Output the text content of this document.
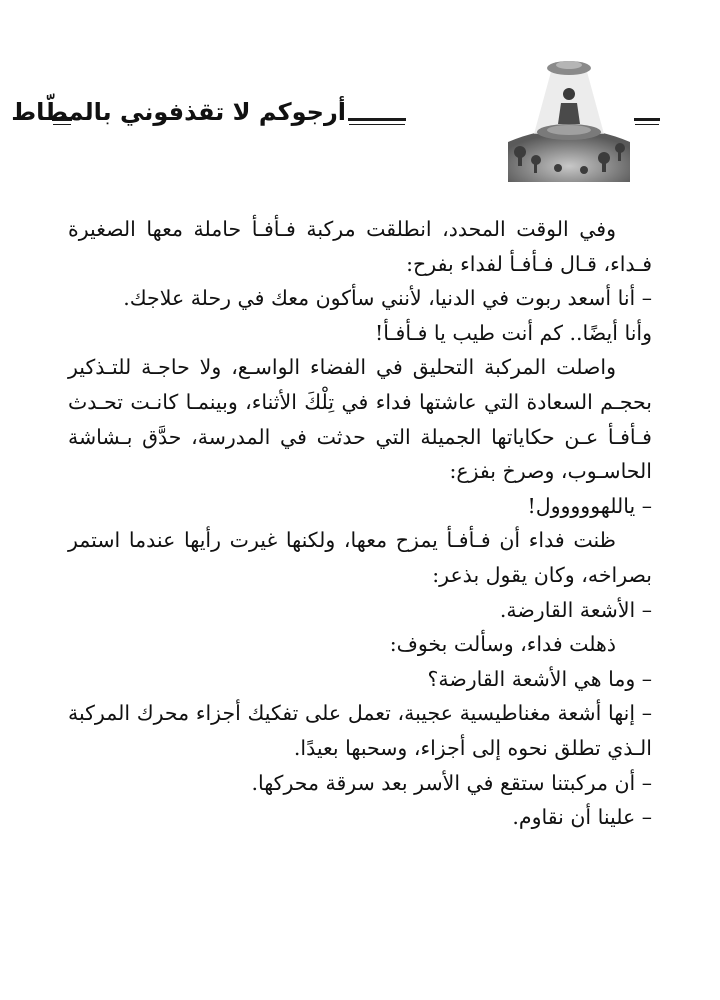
أرجوكم لا تقذفوني بالمطّاط

وفي الوقت المحدد، انطلقت مركبة فـأفـأ حاملة معها الصغيرة فـداء، قـال فـأفـأ لفداء بفرح:

– أنا أسعد ربوت في الدنيا، لأنني سأكون معك في رحلة علاجك.

وأنا أيضًا.. كم أنت طيب يا فـأفـأ!

واصلت المركبة التحليق في الفضاء الواسـع، ولا حاجـة للتـذكير بحجـم السعادة التي عاشتها فداء في تِلْكَ الأثناء، وبينمـا كانـت تحـدث فـأفـأ عـن حكاياتها الجميلة التي حدثت في المدرسة، حدَّق بـشاشة الحاسـوب، وصرخ بفزع:

– ياللهووووول!

ظنت فداء أن فـأفـأ يمزح معها، ولكنها غيرت رأيها عندما استمر بصراخه، وكان يقول بذعر:

– الأشعة القارضة.

ذهلت فداء، وسألت بخوف:

– وما هي الأشعة القارضة؟

– إنها أشعة مغناطيسية عجيبة، تعمل على تفكيك أجزاء محرك المركبة الـذي تطلق نحوه إلى أجزاء، وسحبها بعيدًا.

– أن مركبتنا ستقع في الأسر بعد سرقة محركها.

– علينا أن نقاوم.
